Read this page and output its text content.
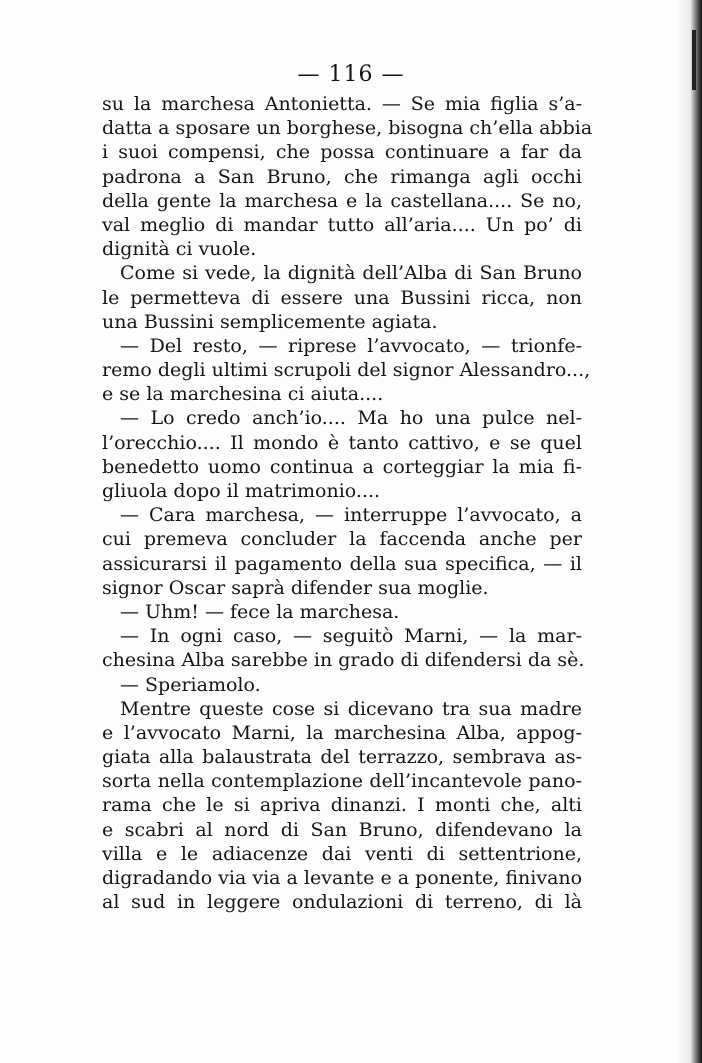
— 116 —
su la marchesa Antonietta. — Se mia figlia s’a-
datta a sposare un borghese, bisogna ch’ella abbia
i suoi compensi, che possa continuare a far da
padrona a San Bruno, che rimanga agli occhi
della gente la marchesa e la castellana.... Se no,
val meglio di mandar tutto all’aria.... Un po’ di
dignità ci vuole.
Come si vede, la dignità dell’Alba di San Bruno
le permetteva di essere una Bussini ricca, non
una Bussini semplicemente agiata.
— Del resto, — riprese l’avvocato, — trionfe-
remo degli ultimi scrupoli del signor Alessandro...,
e se la marchesina ci aiuta....
— Lo credo anch’io.... Ma ho una pulce nel-
l’orecchio.... Il mondo è tanto cattivo, e se quel
benedetto uomo continua a corteggiar la mia fi-
gliuola dopo il matrimonio....
— Cara marchesa, — interruppe l’avvocato, a
cui premeva concluder la faccenda anche per
assicurarsi il pagamento della sua specifica, — il
signor Oscar saprà difender sua moglie.
— Uhm! — fece la marchesa.
— In ogni caso, — seguitò Marni, — la mar-
chesina Alba sarebbe in grado di difendersi da sè.
— Speriamolo.
Mentre queste cose si dicevano tra sua madre
e l’avvocato Marni, la marchesina Alba, appog-
giata alla balaustrata del terrazzo, sembrava as-
sorta nella contemplazione dell’incantevole pano-
rama che le si apriva dinanzi. I monti che, alti
e scabri al nord di San Bruno, difendevano la
villa e le adiacenze dai venti di settentrione,
digradando via via a levante e a ponente, finivano
al sud in leggere ondulazioni di terreno, di là
